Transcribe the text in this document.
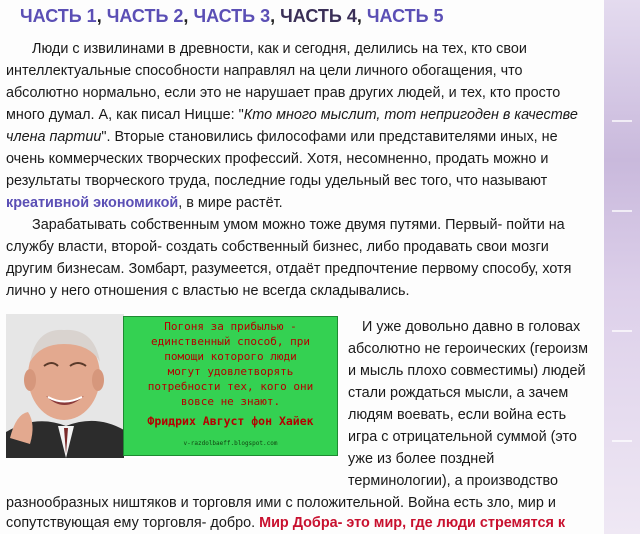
ЧАСТЬ 1, ЧАСТЬ 2, ЧАСТЬ 3, ЧАСТЬ 4, ЧАСТЬ 5

Люди с извилинами в древности, как и сегодня, делились на тех, кто свои интеллектуальные способности направлял на цели личного обогащения, что абсолютно нормально, если это не нарушает прав других людей, и тех, кто просто много думал. А, как писал Ницше: "Кто много мыслит, тот непригоден в качестве члена партии". Вторые становились философами или представителями иных, не очень коммерческих творческих профессий. Хотя, несомненно, продать можно и результаты творческого труда, последние годы удельный вес того, что называют креативной экономикой, в мире растёт.

Зарабатывать собственным умом можно тоже двумя путями. Первый- пойти на службу власти, второй- создать собственный бизнес, либо продавать свои мозги другим бизнесам. Зомбарт, разумеется, отдаёт предпочтение первому способу, хотя лично у него отношения с властью не всегда складывались.

Погоня за прибылью -
единственный способ, при
помощи которого люди
могут удовлетворять
потребности тех, кого они
вовсе не знают.
Фридрих Август фон Хайек
v-razdolbaeff.blogspot.com
И уже довольно давно в головах
абсолютно не героических (героизм
и мысль плохо совместимы) людей
стали рождаться мысли, а зачем
людям воевать, если война есть
игра с отрицательной суммой (это
уже из более поздней
терминологии), а производство
разнообразных ништяков и торговля ими с положительной. Война есть зло, мир и
сопутствующая ему торговля- добро. Мир Добра- это мир, где люди стремятся к
